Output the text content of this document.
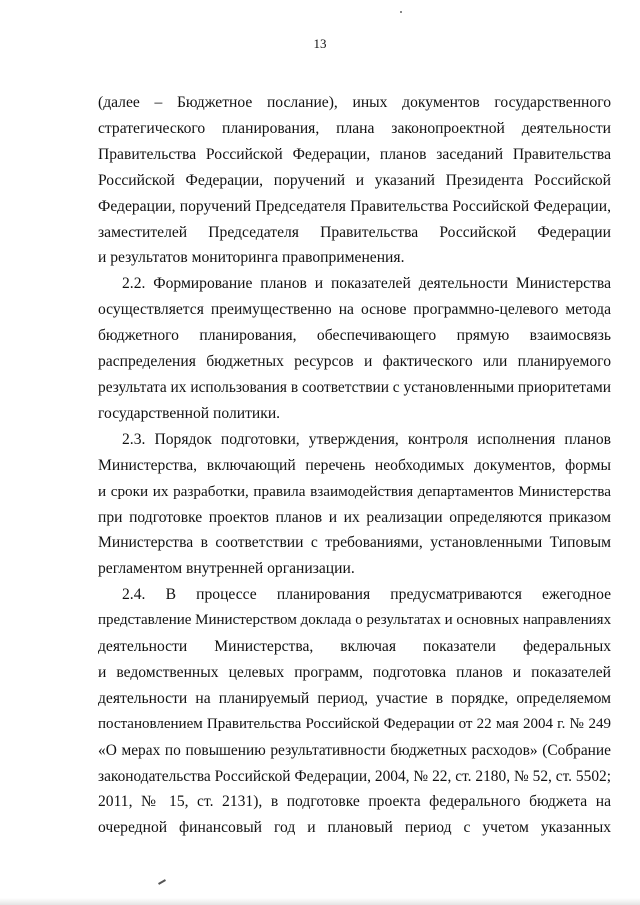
13
(далее – Бюджетное послание), иных документов государственного
стратегического планирования, плана законопроектной деятельности
Правительства Российской Федерации, планов заседаний Правительства
Российской Федерации, поручений и указаний Президента Российской
Федерации, поручений Председателя Правительства Российской Федерации,
заместителей Председателя Правительства Российской Федерации
и результатов мониторинга правоприменения.
2.2. Формирование планов и показателей деятельности Министерства
осуществляется преимущественно на основе программно-целевого метода
бюджетного планирования, обеспечивающего прямую взаимосвязь
распределения бюджетных ресурсов и фактического или планируемого
результата их использования в соответствии с установленными приоритетами
государственной политики.
2.3. Порядок подготовки, утверждения, контроля исполнения планов
Министерства, включающий перечень необходимых документов, формы
и сроки их разработки, правила взаимодействия департаментов Министерства
при подготовке проектов планов и их реализации определяются приказом
Министерства в соответствии с требованиями, установленными Типовым
регламентом внутренней организации.
2.4. В процессе планирования предусматриваются ежегодное
представление Министерством доклада о результатах и основных направлениях
деятельности Министерства, включая показатели федеральных
и ведомственных целевых программ, подготовка планов и показателей
деятельности на планируемый период, участие в порядке, определяемом
постановлением Правительства Российской Федерации от 22 мая 2004 г. № 249
«О мерах по повышению результативности бюджетных расходов» (Собрание
законодательства Российской Федерации, 2004, № 22, ст. 2180, № 52, ст. 5502;
2011, № 15, ст. 2131), в подготовке проекта федерального бюджета на
очередной финансовый год и плановый период с учетом указанных
